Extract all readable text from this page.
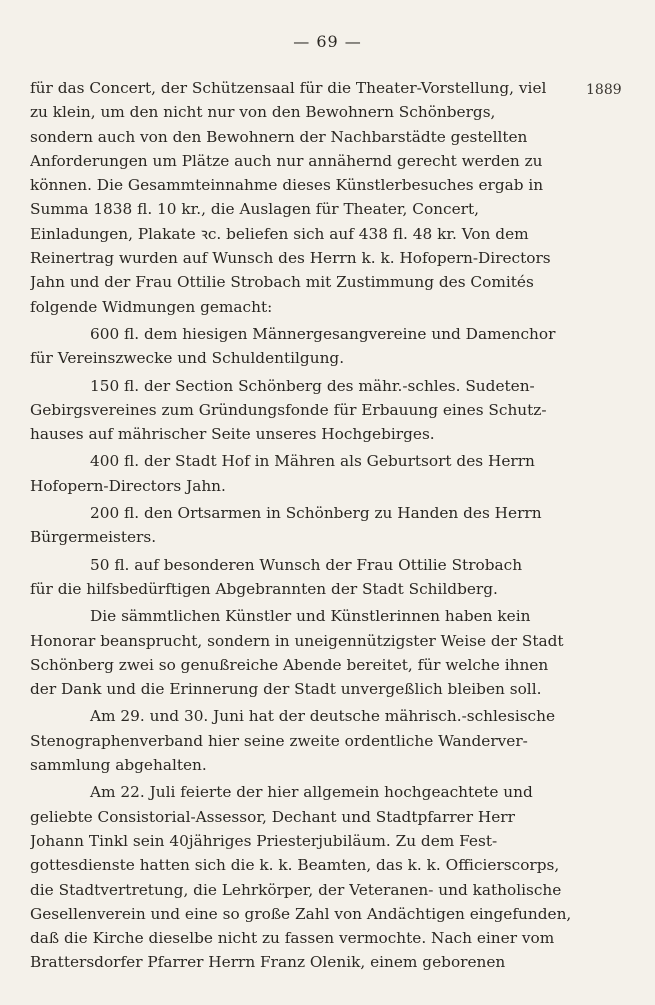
— 69 —
1889
für das Concert, der Schützensaal für die Theater-Vorstellung, viel
zu klein, um den nicht nur von den Bewohnern Schönbergs,
sondern auch von den Bewohnern der Nachbarstädte gestellten
Anforderungen um Plätze auch nur annähernd gerecht werden zu
können. Die Gesammteinnahme dieses Künstlerbesuches ergab in
Summa 1838 fl. 10 kr., die Auslagen für Theater, Concert,
Einladungen, Plakate ꝛc. beliefen sich auf 438 fl. 48 kr. Von dem
Reinertrag wurden auf Wunsch des Herrn k. k. Hofopern-Directors
Jahn und der Frau Ottilie Strobach mit Zustimmung des Comités
folgende Widmungen gemacht:
600 fl. dem hiesigen Männergesangvereine und Damenchor
für Vereinszwecke und Schuldentilgung.
150 fl. der Section Schönberg des mähr.-schles. Sudeten-
Gebirgsvereines zum Gründungsfonde für Erbauung eines Schutz-
hauses auf mährischer Seite unseres Hochgebirges.
400 fl. der Stadt Hof in Mähren als Geburtsort des Herrn
Hofopern-Directors Jahn.
200 fl. den Ortsarmen in Schönberg zu Handen des Herrn
Bürgermeisters.
50 fl. auf besonderen Wunsch der Frau Ottilie Strobach
für die hilfsbedürftigen Abgebrannten der Stadt Schildberg.
Die sämmtlichen Künstler und Künstlerinnen haben kein
Honorar beansprucht, sondern in uneigennützigster Weise der Stadt
Schönberg zwei so genußreiche Abende bereitet, für welche ihnen
der Dank und die Erinnerung der Stadt unvergeßlich bleiben soll.
Am 29. und 30. Juni hat der deutsche mährisch.-schlesische
Stenographenverband hier seine zweite ordentliche Wanderver-
sammlung abgehalten.
Am 22. Juli feierte der hier allgemein hochgeachtete und
geliebte Consistorial-Assessor, Dechant und Stadtpfarrer Herr
Johann Tinkl sein 40jähriges Priesterjubiläum. Zu dem Fest-
gottesdienste hatten sich die k. k. Beamten, das k. k. Officierscorps,
die Stadtvertretung, die Lehrkörper, der Veteranen- und katholische
Gesellenverein und eine so große Zahl von Andächtigen eingefunden,
daß die Kirche dieselbe nicht zu fassen vermochte. Nach einer vom
Brattersdorfer Pfarrer Herrn Franz Olenik, einem geborenen
